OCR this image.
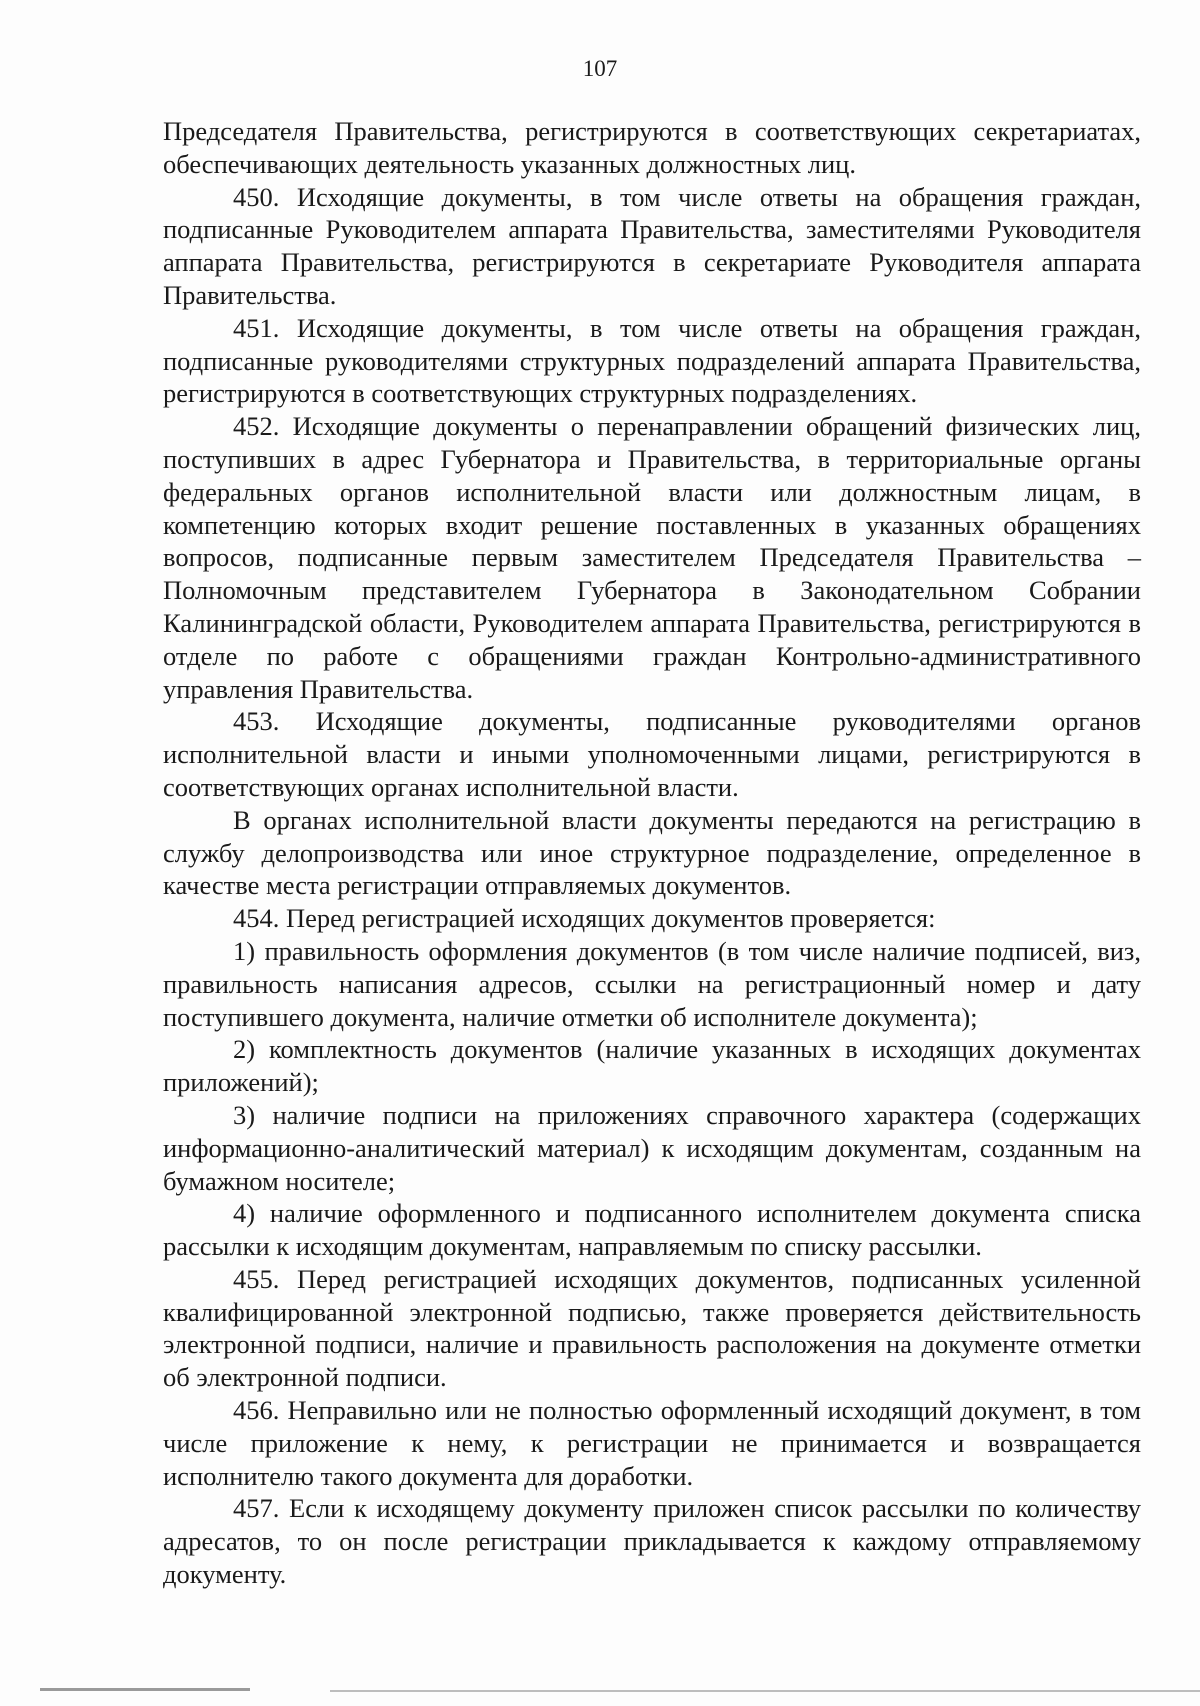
107

Председателя Правительства, регистрируются в соответствующих секретариатах, обеспечивающих деятельность указанных должностных лиц.

450. Исходящие документы, в том числе ответы на обращения граждан, подписанные Руководителем аппарата Правительства, заместителями Руководителя аппарата Правительства, регистрируются в секретариате Руководителя аппарата Правительства.

451. Исходящие документы, в том числе ответы на обращения граждан, подписанные руководителями структурных подразделений аппарата Правительства, регистрируются в соответствующих структурных подразделениях.

452. Исходящие документы о перенаправлении обращений физических лиц, поступивших в адрес Губернатора и Правительства, в территориальные органы федеральных органов исполнительной власти или должностным лицам, в компетенцию которых входит решение поставленных в указанных обращениях вопросов, подписанные первым заместителем Председателя Правительства – Полномочным представителем Губернатора в Законодательном Собрании Калининградской области, Руководителем аппарата Правительства, регистрируются в отделе по работе с обращениями граждан Контрольно-административного управления Правительства.

453. Исходящие документы, подписанные руководителями органов исполнительной власти и иными уполномоченными лицами, регистрируются в соответствующих органах исполнительной власти.

В органах исполнительной власти документы передаются на регистрацию в службу делопроизводства или иное структурное подразделение, определенное в качестве места регистрации отправляемых документов.

454. Перед регистрацией исходящих документов проверяется:

1) правильность оформления документов (в том числе наличие подписей, виз, правильность написания адресов, ссылки на регистрационный номер и дату поступившего документа, наличие отметки об исполнителе документа);

2) комплектность документов (наличие указанных в исходящих документах приложений);

3) наличие подписи на приложениях справочного характера (содержащих информационно-аналитический материал) к исходящим документам, созданным на бумажном носителе;

4) наличие оформленного и подписанного исполнителем документа списка рассылки к исходящим документам, направляемым по списку рассылки.

455. Перед регистрацией исходящих документов, подписанных усиленной квалифицированной электронной подписью, также проверяется действительность электронной подписи, наличие и правильность расположения на документе отметки об электронной подписи.

456. Неправильно или не полностью оформленный исходящий документ, в том числе приложение к нему, к регистрации не принимается и возвращается исполнителю такого документа для доработки.

457. Если к исходящему документу приложен список рассылки по количеству адресатов, то он после регистрации прикладывается к каждому отправляемому документу.
